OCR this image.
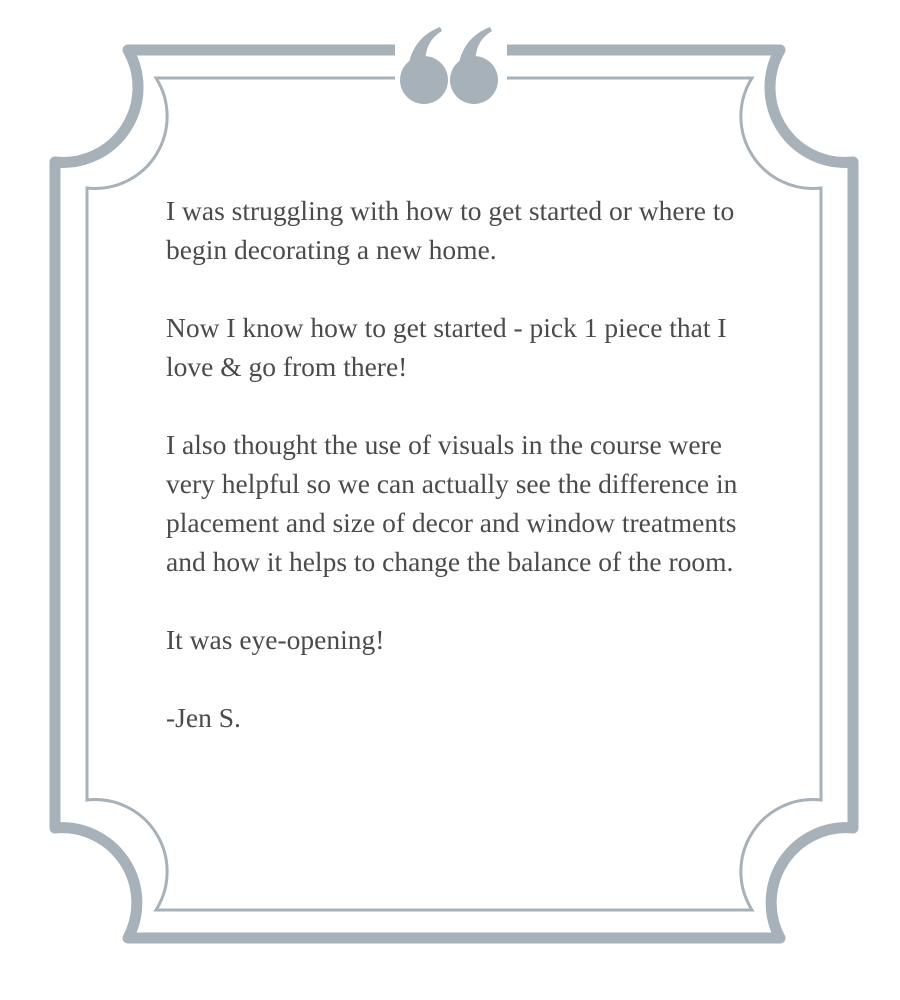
I was struggling with how to get started or where to begin decorating a new home.

Now I know how to get started - pick 1 piece that I love & go from there!

I also thought the use of visuals in the course were very helpful so we can actually see the difference in placement and size of decor and window treatments and how it helps to change the balance of the room.

It was eye-opening!

-Jen S.
